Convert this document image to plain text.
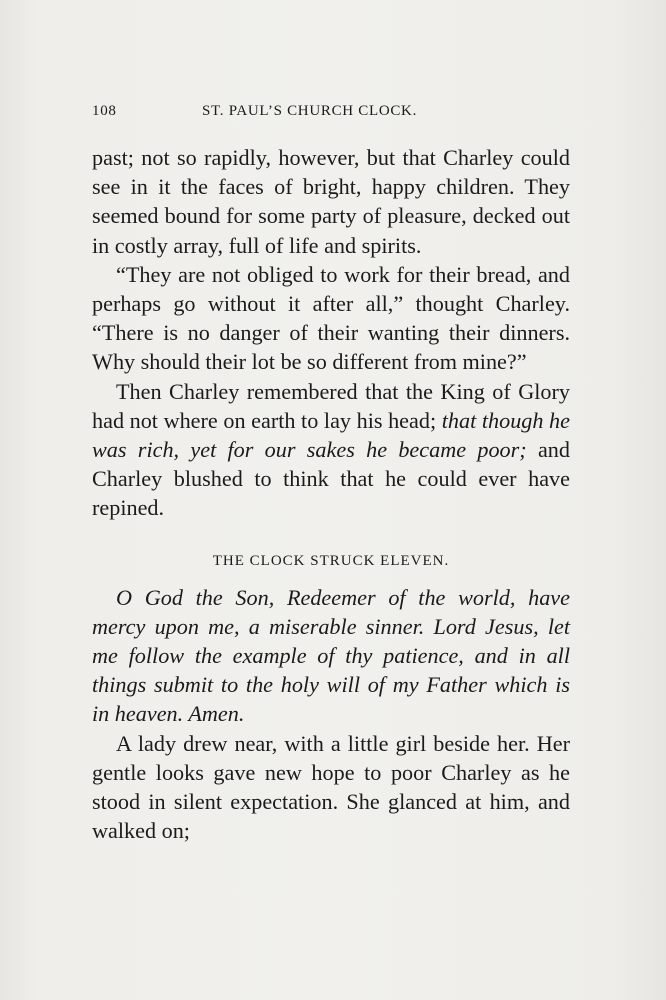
108	ST. PAUL’S CHURCH CLOCK.

past; not so rapidly, however, but that Charley could see in it the faces of bright, happy children. They seemed bound for some party of pleasure, decked out in costly array, full of life and spirits.

“They are not obliged to work for their bread, and perhaps go without it after all,” thought Charley. “There is no danger of their wanting their dinners. Why should their lot be so different from mine?”

Then Charley remembered that the King of Glory had not where on earth to lay his head; that though he was rich, yet for our sakes he became poor; and Charley blushed to think that he could ever have repined.

THE CLOCK STRUCK ELEVEN.

O God the Son, Redeemer of the world, have mercy upon me, a miserable sinner. Lord Jesus, let me follow the example of thy patience, and in all things submit to the holy will of my Father which is in heaven. Amen.

A lady drew near, with a little girl beside her. Her gentle looks gave new hope to poor Charley as he stood in silent expectation. She glanced at him, and walked on;
